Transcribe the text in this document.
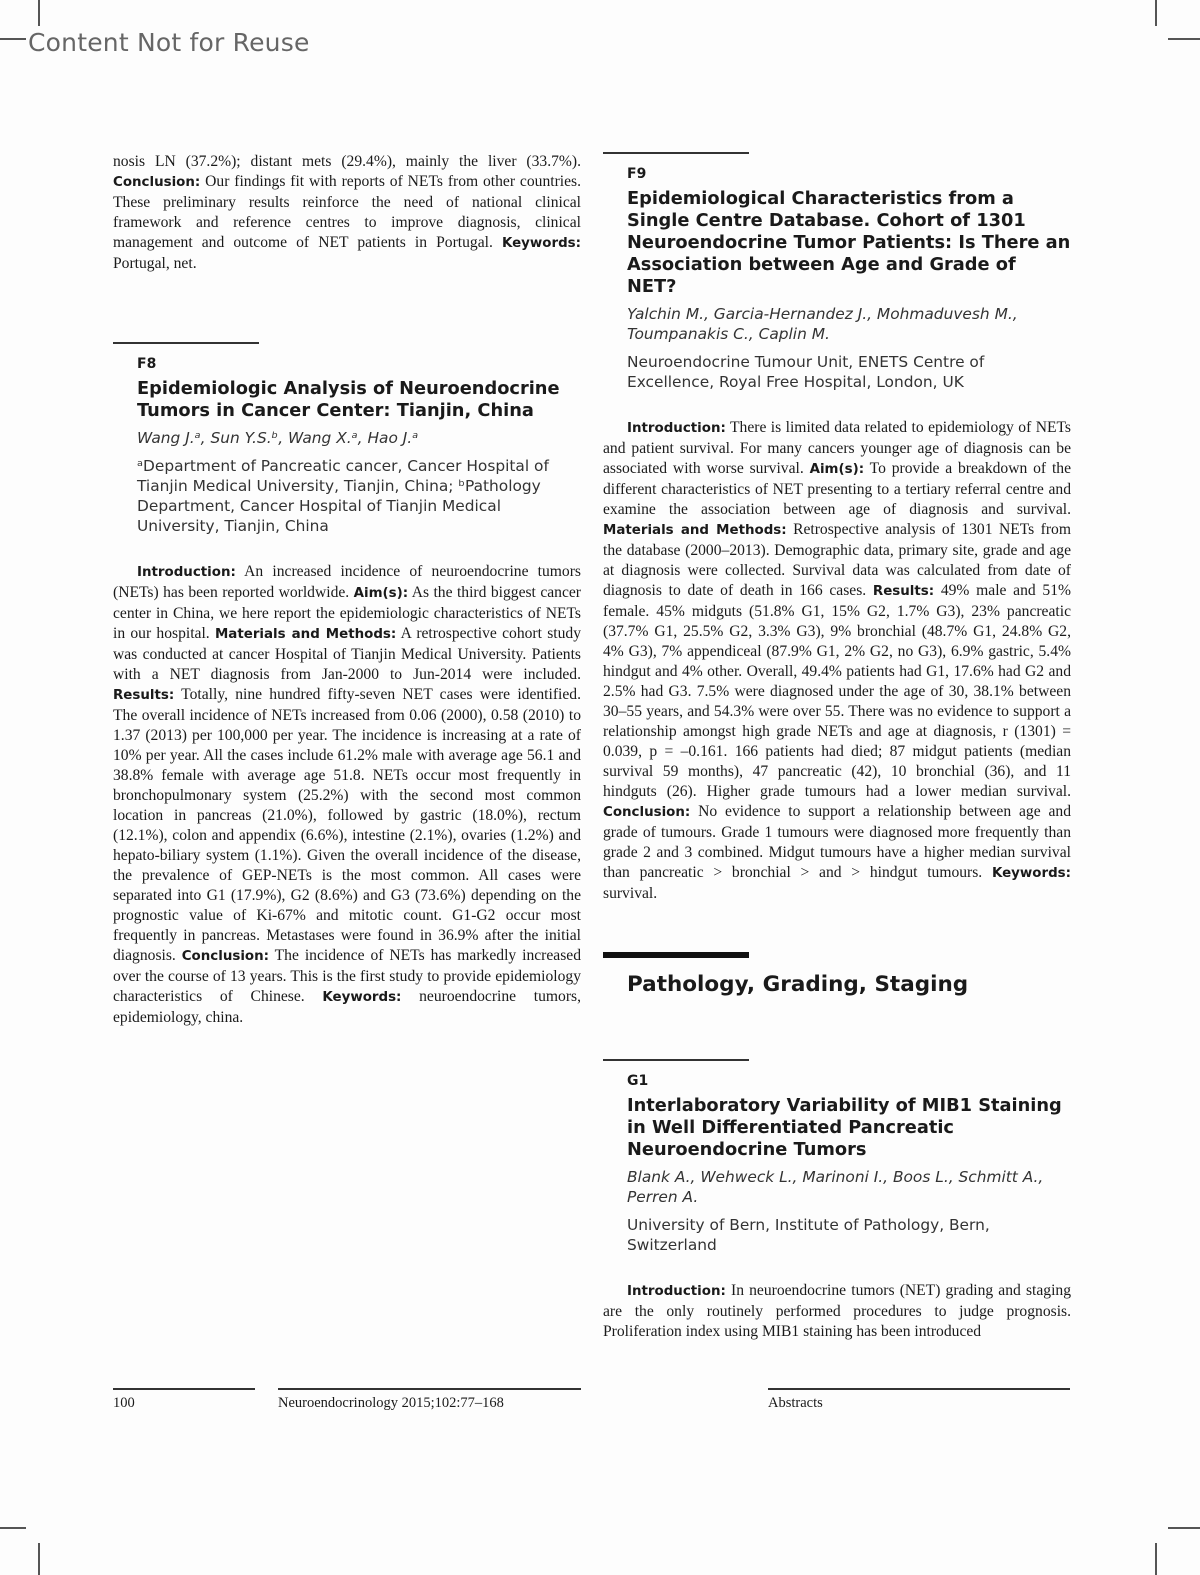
Content Not for Reuse

nosis LN (37.2%); distant mets (29.4%), mainly the liver (33.7%). Conclusion: Our findings fit with reports of NETs from other countries. These preliminary results reinforce the need of national clinical framework and reference centres to improve diagnosis, clinical management and outcome of NET patients in Portugal. Keywords: Portugal, net.

F8
Epidemiologic Analysis of Neuroendocrine Tumors in Cancer Center: Tianjin, China
Wang J.ᵃ, Sun Y.S.ᵇ, Wang X.ᵃ, Hao J.ᵃ
ᵃDepartment of Pancreatic cancer, Cancer Hospital of Tianjin Medical University, Tianjin, China; ᵇPathology Department, Cancer Hospital of Tianjin Medical University, Tianjin, China

Introduction: An increased incidence of neuroendocrine tumors (NETs) has been reported worldwide. Aim(s): As the third biggest cancer center in China, we here report the epidemiologic characteristics of NETs in our hospital. Materials and Methods: A retrospective cohort study was conducted at cancer Hospital of Tianjin Medical University. Patients with a NET diagnosis from Jan-2000 to Jun-2014 were included. Results: Totally, nine hundred fifty-seven NET cases were identified. The overall incidence of NETs increased from 0.06 (2000), 0.58 (2010) to 1.37 (2013) per 100,000 per year. The incidence is increasing at a rate of 10% per year. All the cases include 61.2% male with average age 56.1 and 38.8% female with average age 51.8. NETs occur most frequently in bronchopulmonary system (25.2%) with the second most common location in pancreas (21.0%), followed by gastric (18.0%), rectum (12.1%), colon and appendix (6.6%), intestine (2.1%), ovaries (1.2%) and hepato-biliary system (1.1%). Given the overall incidence of the disease, the prevalence of GEP-NETs is the most common. All cases were separated into G1 (17.9%), G2 (8.6%) and G3 (73.6%) depending on the prognostic value of Ki-67% and mitotic count. G1-G2 occur most frequently in pancreas. Metastases were found in 36.9% after the initial diagnosis. Conclusion: The incidence of NETs has markedly increased over the course of 13 years. This is the first study to provide epidemiology characteristics of Chinese. Keywords: neuroendocrine tumors, epidemiology, china.

F9
Epidemiological Characteristics from a Single Centre Database. Cohort of 1301 Neuroendocrine Tumor Patients: Is There an Association between Age and Grade of NET?
Yalchin M., Garcia-Hernandez J., Mohmaduvesh M., Toumpanakis C., Caplin M.
Neuroendocrine Tumour Unit, ENETS Centre of Excellence, Royal Free Hospital, London, UK

Introduction: There is limited data related to epidemiology of NETs and patient survival. For many cancers younger age of diagnosis can be associated with worse survival. Aim(s): To provide a breakdown of the different characteristics of NET presenting to a tertiary referral centre and examine the association between age of diagnosis and survival. Materials and Methods: Retrospective analysis of 1301 NETs from the database (2000–2013). Demographic data, primary site, grade and age at diagnosis were collected. Survival data was calculated from date of diagnosis to date of death in 166 cases. Results: 49% male and 51% female. 45% midguts (51.8% G1, 15% G2, 1.7% G3), 23% pancreatic (37.7% G1, 25.5% G2, 3.3% G3), 9% bronchial (48.7% G1, 24.8% G2, 4% G3), 7% appendiceal (87.9% G1, 2% G2, no G3), 6.9% gastric, 5.4% hindgut and 4% other. Overall, 49.4% patients had G1, 17.6% had G2 and 2.5% had G3. 7.5% were diagnosed under the age of 30, 38.1% between 30–55 years, and 54.3% were over 55. There was no evidence to support a relationship amongst high grade NETs and age at diagnosis, r (1301) = 0.039, p = –0.161. 166 patients had died; 87 midgut patients (median survival 59 months), 47 pancreatic (42), 10 bronchial (36), and 11 hindguts (26). Higher grade tumours had a lower median survival. Conclusion: No evidence to support a relationship between age and grade of tumours. Grade 1 tumours were diagnosed more frequently than grade 2 and 3 combined. Midgut tumours have a higher median survival than pancreatic > bronchial > and > hindgut tumours. Keywords: survival.

Pathology, Grading, Staging
G1
Interlaboratory Variability of MIB1 Staining in Well Differentiated Pancreatic Neuroendocrine Tumors
Blank A., Wehweck L., Marinoni I., Boos L., Schmitt A., Perren A.
University of Bern, Institute of Pathology, Bern, Switzerland

Introduction: In neuroendocrine tumors (NET) grading and staging are the only routinely performed procedures to judge prognosis. Proliferation index using MIB1 staining has been introduced

100	Neuroendocrinology 2015;102:77–168	Abstracts
